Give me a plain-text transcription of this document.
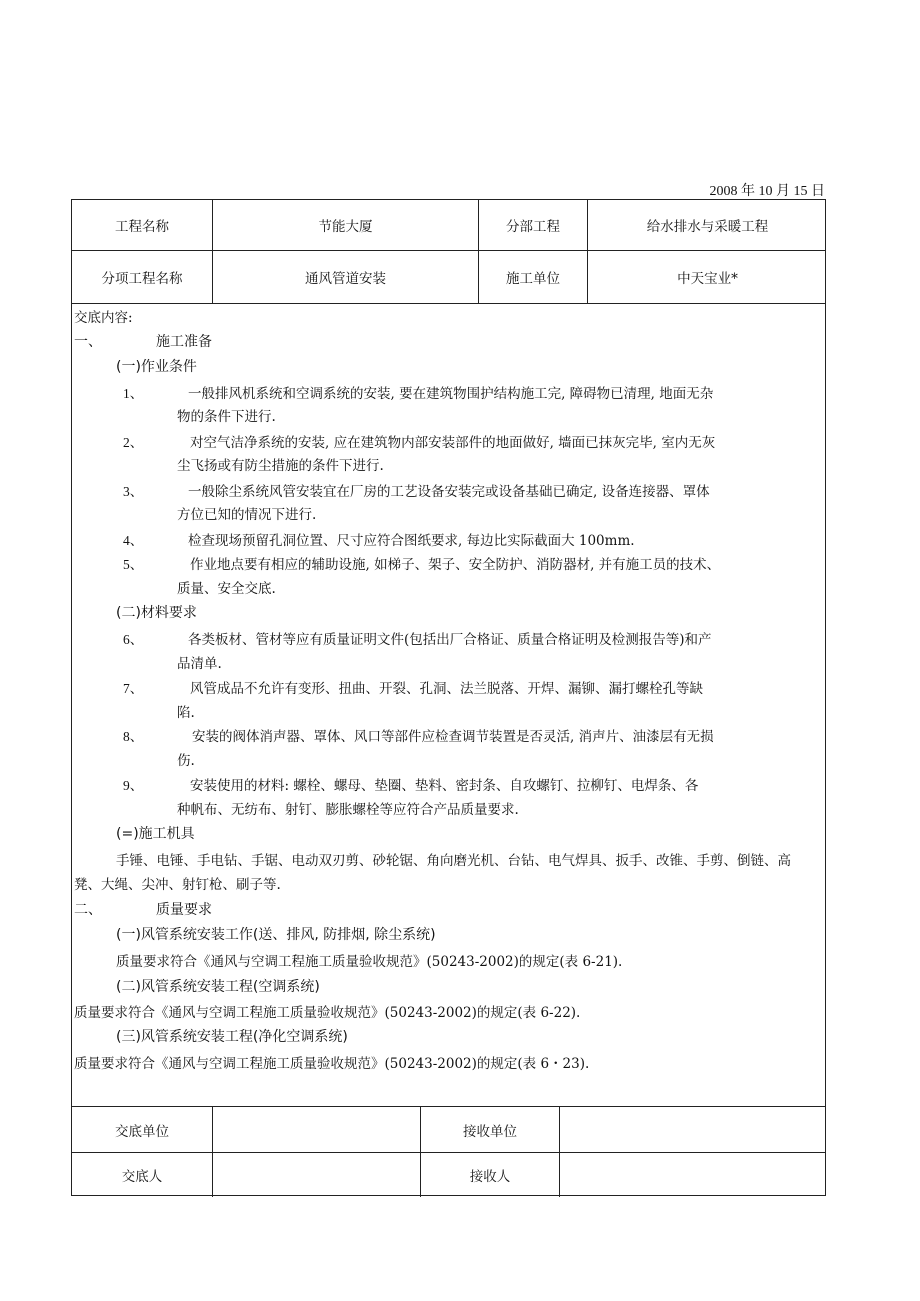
2008 年 10 月 15 日
工程名称	节能大厦	分部工程	给水排水与采暖工程
分项工程名称	通风管道安装	施工单位	中天宝业*
交底内容:
一、	施工准备
(一)作业条件
1、	一般排风机系统和空调系统的安装, 要在建筑物围护结构施工完, 障碍物已清理, 地面无杂
物的条件下进行.
2、	对空气洁净系统的安装, 应在建筑物内部安装部件的地面做好, 墙面已抹灰完毕, 室内无灰
尘飞扬或有防尘措施的条件下进行.
3、	一般除尘系统风管安装宜在厂房的工艺设备安装完或设备基础已确定, 设备连接器、罩体
方位已知的情况下进行.
4、	检查现场预留孔洞位置、尺寸应符合图纸要求, 每边比实际截面大 100mm.
5、	作业地点要有相应的辅助设施, 如梯子、架子、安全防护、消防器材, 并有施工员的技术、
质量、安全交底.
(二)材料要求
6、	各类板材、管材等应有质量证明文件(包括出厂合格证、质量合格证明及检测报告等)和产
品清单.
7、	风管成品不允许有变形、扭曲、开裂、孔洞、法兰脱落、开焊、漏铆、漏打螺栓孔等缺
陷.
8、	安装的阀体消声器、罩体、风口等部件应检查调节装置是否灵活, 消声片、油漆层有无损
伤.
9、	安装使用的材料: 螺栓、螺母、垫圈、垫料、密封条、自攻螺钉、拉柳钉、电焊条、各
种帆布、无纺布、射钉、膨胀螺栓等应符合产品质量要求.
(=)施工机具
手锤、电锤、手电钻、手锯、电动双刃剪、砂轮锯、角向磨光机、台钻、电气焊具、扳手、改锥、手剪、倒链、高
凳、大绳、尖冲、射钉枪、刷子等.
二、	质量要求
(一)风管系统安装工作(送、排风, 防排烟, 除尘系统)
质量要求符合《通风与空调工程施工质量验收规范》(50243-2002)的规定(表 6-21).
(二)风管系统安装工程(空调系统)
质量要求符合《通风与空调工程施工质量验收规范》(50243-2002)的规定(表 6-22).
(三)风管系统安装工程(净化空调系统)
质量要求符合《通风与空调工程施工质量验收规范》(50243-2002)的规定(表 6・23).
交底单位	接收单位
交底人	接收人
